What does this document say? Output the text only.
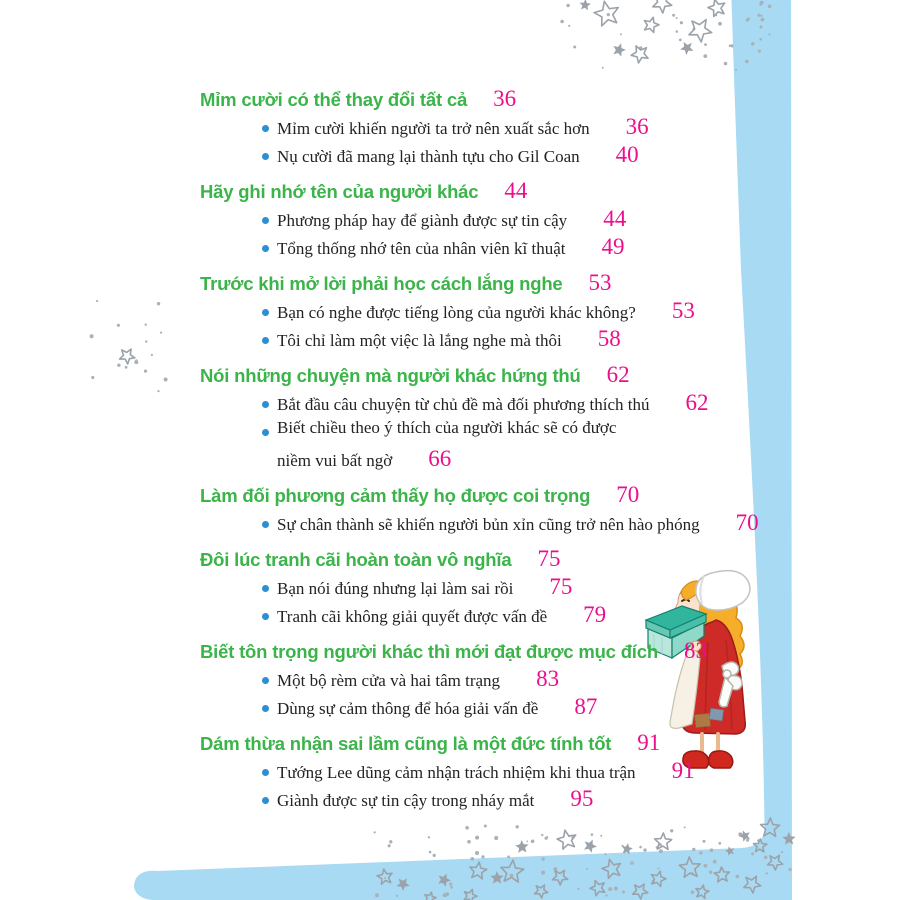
Mỉm cười có thể thay đổi tất cả 36
Mỉm cười khiến người ta trở nên xuất sắc hơn 36
Nụ cười đã mang lại thành tựu cho Gil Coan 40
Hãy ghi nhớ tên của người khác 44
Phương pháp hay để giành được sự tin cậy 44
Tổng thống nhớ tên của nhân viên kĩ thuật 49
Trước khi mở lời phải học cách lắng nghe 53
Bạn có nghe được tiếng lòng của người khác không? 53
Tôi chỉ làm một việc là lắng nghe mà thôi 58
Nói những chuyện mà người khác hứng thú 62
Bắt đầu câu chuyện từ chủ đề mà đối phương thích thú 62
Biết chiều theo ý thích của người khác sẽ có được
niềm vui bất ngờ 66
Làm đối phương cảm thấy họ được coi trọng 70
Sự chân thành sẽ khiến người bủn xỉn cũng trở nên hào phóng 70
Đôi lúc tranh cãi hoàn toàn vô nghĩa 75
Bạn nói đúng nhưng lại làm sai rồi 75
Tranh cãi không giải quyết được vấn đề 79
Biết tôn trọng người khác thì mới đạt được mục đích 83
Một bộ rèm cửa và hai tâm trạng 83
Dùng sự cảm thông để hóa giải vấn đề 87
Dám thừa nhận sai lầm cũng là một đức tính tốt 91
Tướng Lee dũng cảm nhận trách nhiệm khi thua trận 91
Giành được sự tin cậy trong nháy mắt 95
